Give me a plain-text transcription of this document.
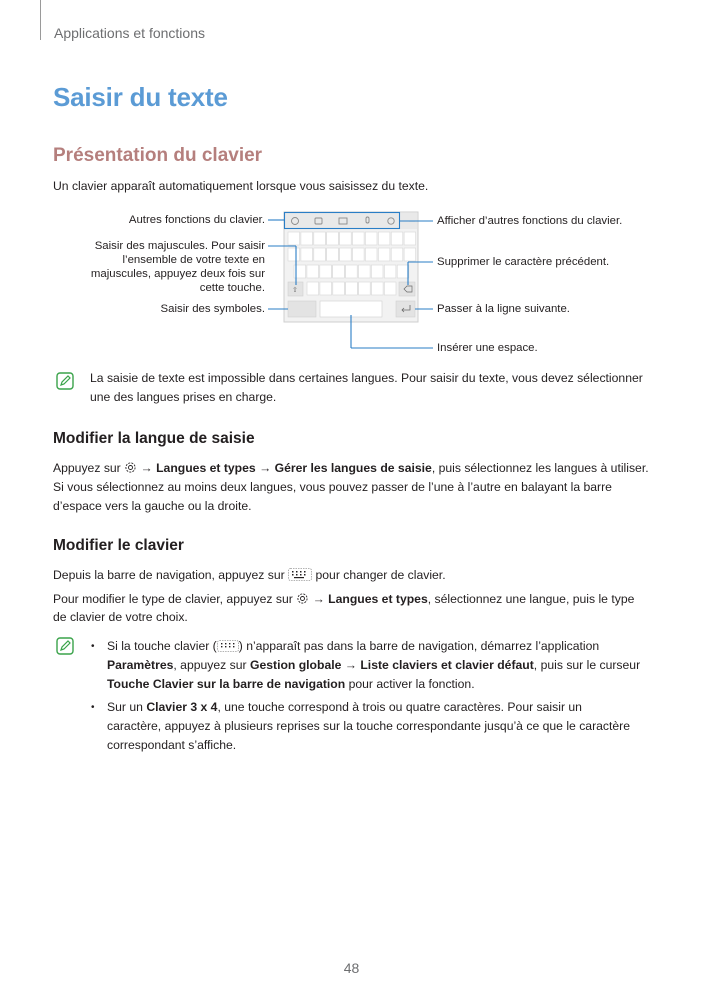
Applications et fonctions
Saisir du texte
Présentation du clavier
Un clavier apparaît automatiquement lorsque vous saisissez du texte.
···
⇧
Autres fonctions du clavier.
Saisir des majuscules. Pour saisir
l’ensemble de votre texte en
majuscules, appuyez deux fois sur
cette touche.
Saisir des symboles.
Afficher d’autres fonctions du clavier.
Supprimer le caractère précédent.
Passer à la ligne suivante.
Insérer une espace.
La saisie de texte est impossible dans certaines langues. Pour saisir du texte, vous devez sélectionner
une des langues prises en charge.
Modifier la langue de saisie
Appuyez sur → Langues et types → Gérer les langues de saisie, puis sélectionnez les langues à utiliser.
Si vous sélectionnez au moins deux langues, vous pouvez passer de l’une à l’autre en balayant la barre
d’espace vers la gauche ou la droite.
Modifier le clavier
Depuis la barre de navigation, appuyez sur	pour changer de clavier.
Pour modifier le type de clavier, appuyez sur → Langues et types, sélectionnez une langue, puis le type
de clavier de votre choix.
• Si la touche clavier ( ) n’apparaît pas dans la barre de navigation, démarrez l’application
Paramètres, appuyez sur Gestion globale → Liste claviers et clavier défaut, puis sur le curseur
Touche Clavier sur la barre de navigation pour activer la fonction.
• Sur un Clavier 3 x 4, une touche correspond à trois ou quatre caractères. Pour saisir un
caractère, appuyez à plusieurs reprises sur la touche correspondante jusqu’à ce que le caractère
correspondant s’affiche.
48
